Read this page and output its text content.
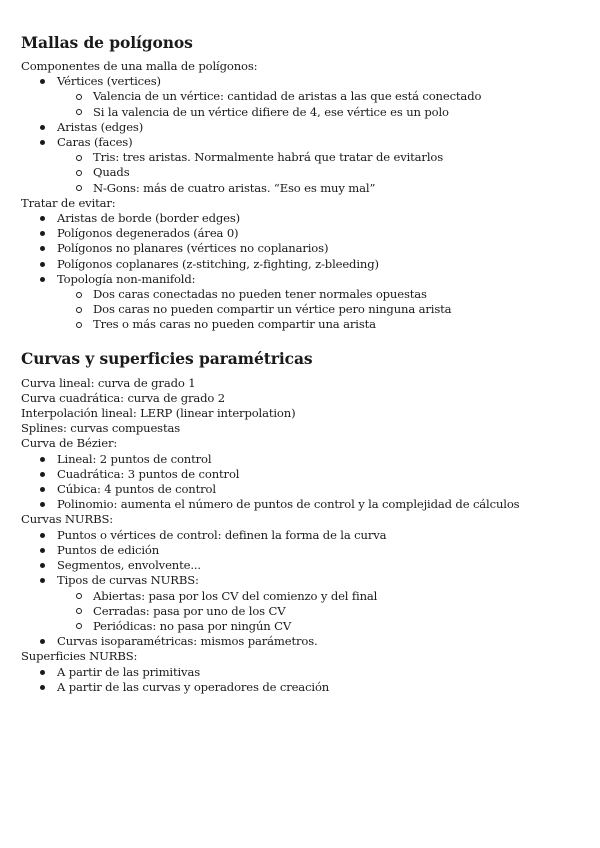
Mallas de polígonos
Componentes de una malla de polígonos:
Vértices (vertices)
Valencia de un vértice: cantidad de aristas a las que está conectado
Si la valencia de un vértice difiere de 4, ese vértice es un polo
Aristas (edges)
Caras (faces)
Tris: tres aristas. Normalmente habrá que tratar de evitarlos
Quads
N-Gons: más de cuatro aristas. “Eso es muy mal”
Tratar de evitar:
Aristas de borde (border edges)
Polígonos degenerados (área 0)
Polígonos no planares (vértices no coplanarios)
Polígonos coplanares (z-stitching, z-fighting, z-bleeding)
Topología non-manifold:
Dos caras conectadas no pueden tener normales opuestas
Dos caras no pueden compartir un vértice pero ninguna arista
Tres o más caras no pueden compartir una arista
Curvas y superficies paramétricas
Curva lineal: curva de grado 1
Curva cuadrática: curva de grado 2
Interpolación lineal: LERP (linear interpolation)
Splines: curvas compuestas
Curva de Bézier:
Lineal: 2 puntos de control
Cuadrática: 3 puntos de control
Cúbica: 4 puntos de control
Polinomio: aumenta el número de puntos de control y la complejidad de cálculos
Curvas NURBS:
Puntos o vértices de control: definen la forma de la curva
Puntos de edición
Segmentos, envolvente...
Tipos de curvas NURBS:
Abiertas: pasa por los CV del comienzo y del final
Cerradas: pasa por uno de los CV
Periódicas: no pasa por ningún CV
Curvas isoparamétricas: mismos parámetros.
Superficies NURBS:
A partir de las primitivas
A partir de las curvas y operadores de creación
